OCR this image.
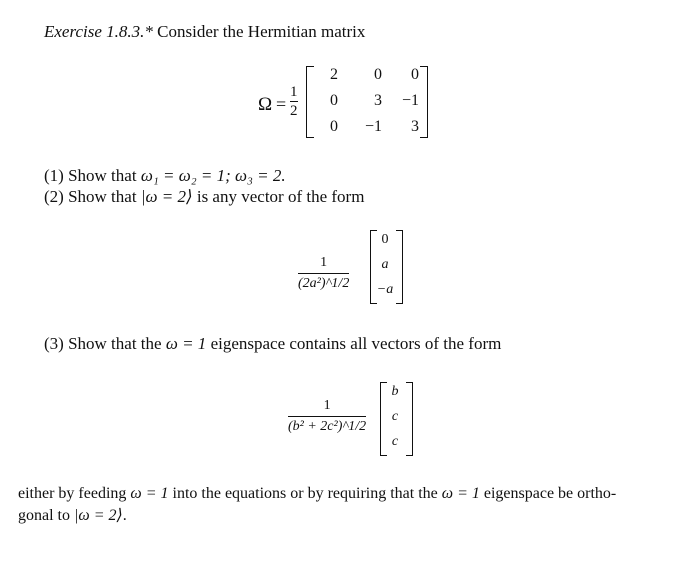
Exercise 1.8.3.* Consider the Hermitian matrix
Ω =
1
2
2	0	0
0	3	−1
0	−1	3
(1) Show that ω₁ = ω₂ = 1; ω₃ = 2.
(2) Show that |ω = 2⟩ is any vector of the form
1
(2a²)^1/2
0
a
−a
(3) Show that the ω = 1 eigenspace contains all vectors of the form
1
(b² + 2c²)^1/2
b
c
c
either by feeding ω = 1 into the equations or by requiring that the ω = 1 eigenspace be ortho-
gonal to |ω = 2⟩.
